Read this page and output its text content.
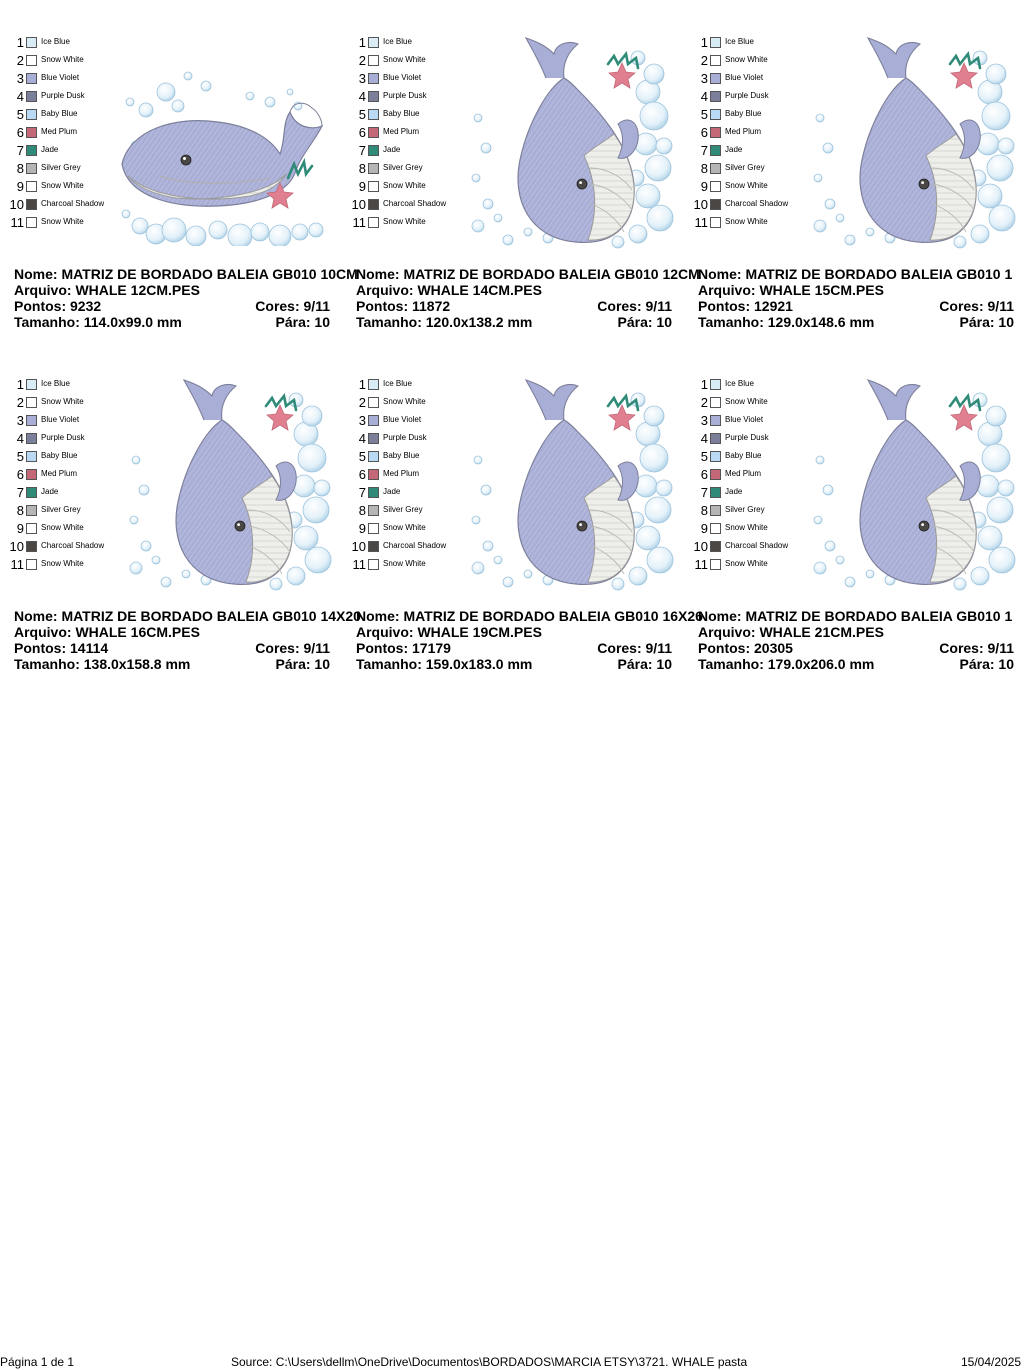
1 Ice Blue
2 Snow White
3 Blue Violet
4 Purple Dusk
5 Baby Blue
6 Med Plum
7 Jade
8 Silver Grey
9 Snow White
10 Charcoal Shadow
11 Snow White
Nome: MATRIZ DE BORDADO BALEIA GB010 10CM
Arquivo: WHALE 12CM.PES
Pontos: 9232	Cores: 9/11
Tamanho: 114.0x99.0 mm	Pára: 10
1 Ice Blue
2 Snow White
3 Blue Violet
4 Purple Dusk
5 Baby Blue
6 Med Plum
7 Jade
8 Silver Grey
9 Snow White
10 Charcoal Shadow
11 Snow White
Nome: MATRIZ DE BORDADO BALEIA GB010 12CM
Arquivo: WHALE 14CM.PES
Pontos: 11872	Cores: 9/11
Tamanho: 120.0x138.2 mm	Pára: 10
1 Ice Blue
2 Snow White
3 Blue Violet
4 Purple Dusk
5 Baby Blue
6 Med Plum
7 Jade
8 Silver Grey
9 Snow White
10 Charcoal Shadow
11 Snow White
Nome: MATRIZ DE BORDADO BALEIA GB010 1
Arquivo: WHALE 15CM.PES
Pontos: 12921	Cores: 9/11
Tamanho: 129.0x148.6 mm	Pára: 10
1 Ice Blue
2 Snow White
3 Blue Violet
4 Purple Dusk
5 Baby Blue
6 Med Plum
7 Jade
8 Silver Grey
9 Snow White
10 Charcoal Shadow
11 Snow White
Nome: MATRIZ DE BORDADO BALEIA GB010 14X20
Arquivo: WHALE 16CM.PES
Pontos: 14114	Cores: 9/11
Tamanho: 138.0x158.8 mm	Pára: 10
1 Ice Blue
2 Snow White
3 Blue Violet
4 Purple Dusk
5 Baby Blue
6 Med Plum
7 Jade
8 Silver Grey
9 Snow White
10 Charcoal Shadow
11 Snow White
Nome: MATRIZ DE BORDADO BALEIA GB010 16X26
Arquivo: WHALE 19CM.PES
Pontos: 17179	Cores: 9/11
Tamanho: 159.0x183.0 mm	Pára: 10
1 Ice Blue
2 Snow White
3 Blue Violet
4 Purple Dusk
5 Baby Blue
6 Med Plum
7 Jade
8 Silver Grey
9 Snow White
10 Charcoal Shadow
11 Snow White
Nome: MATRIZ DE BORDADO BALEIA GB010 1
Arquivo: WHALE 21CM.PES
Pontos: 20305	Cores: 9/11
Tamanho: 179.0x206.0 mm	Pára: 10
Página 1 de 1	Source: C:\Users\dellm\OneDrive\Documentos\BORDADOS\MARCIA ETSY\3721. WHALE pasta	15/04/2025
